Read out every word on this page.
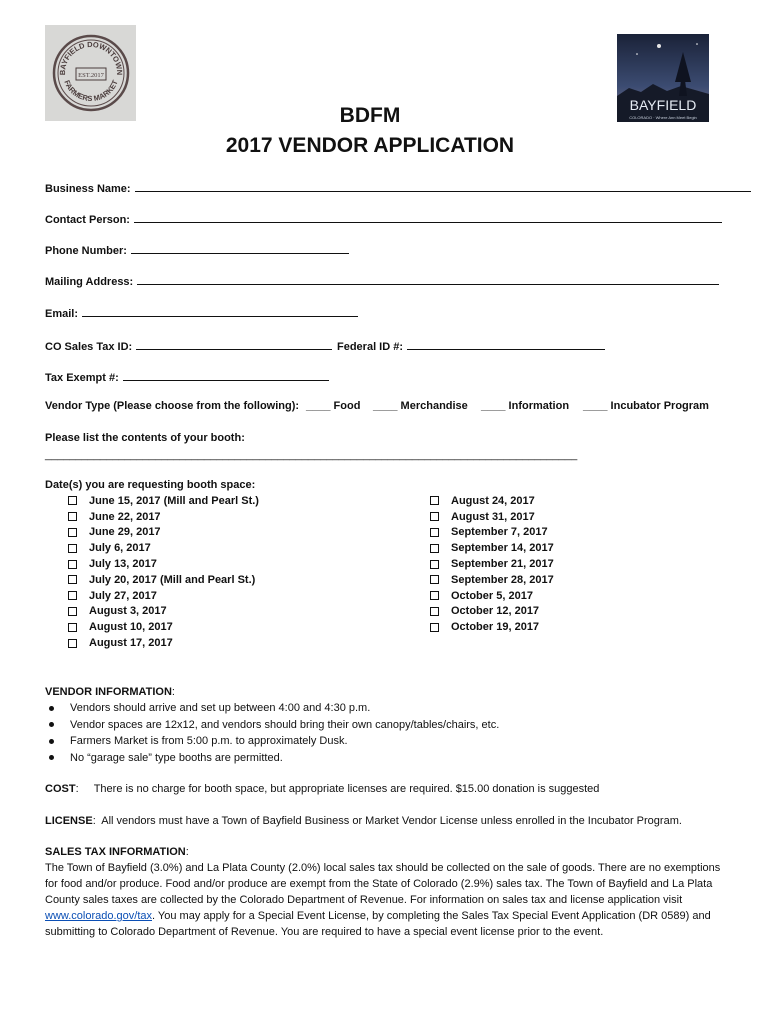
BAYFIELD DOWNTOWN
EST.2017
FARMERS MARKET
BAYFIELD
COLORADO · Where Ann Meet Begin
BDFM
2017 VENDOR APPLICATION
Business Name:
Contact Person:
Phone Number:
Mailing Address:
Email:
CO Sales Tax ID:	Federal ID #:
Tax Exempt #:
Vendor Type (Please choose from the following): ____ Food ____ Merchandise ____ Information ____ Incubator Program
Please list the contents of your booth:
_______________________________________________________________________________________
Date(s) you are requesting booth space:
June 15, 2017 (Mill and Pearl St.)
June 22, 2017
June 29, 2017
July 6, 2017
July 13, 2017
July 20, 2017 (Mill and Pearl St.)
July 27, 2017
August 3, 2017
August 10, 2017
August 17, 2017
August 24, 2017
August 31, 2017
September 7, 2017
September 14, 2017
September 21, 2017
September 28, 2017
October 5, 2017
October 12, 2017
October 19, 2017
VENDOR INFORMATION:
Vendors should arrive and set up between 4:00 and 4:30 p.m.
Vendor spaces are 12x12, and vendors should bring their own canopy/tables/chairs, etc.
Farmers Market is from 5:00 p.m. to approximately Dusk.
No “garage sale” type booths are permitted.
COST:     There is no charge for booth space, but appropriate licenses are required. $15.00 donation is suggested
LICENSE:  All vendors must have a Town of Bayfield Business or Market Vendor License unless enrolled in the Incubator Program.
SALES TAX INFORMATION:
The Town of Bayfield (3.0%) and La Plata County (2.0%) local sales tax should be collected on the sale of goods. There are no exemptions for food and/or produce. Food and/or produce are exempt from the State of Colorado (2.9%) sales tax. The Town of Bayfield and La Plata County sales taxes are collected by the Colorado Department of Revenue. For information on sales tax and license application visit www.colorado.gov/tax. You may apply for a Special Event License, by completing the Sales Tax Special Event Application (DR 0589) and submitting to Colorado Department of Revenue. You are required to have a special event license prior to the event.
